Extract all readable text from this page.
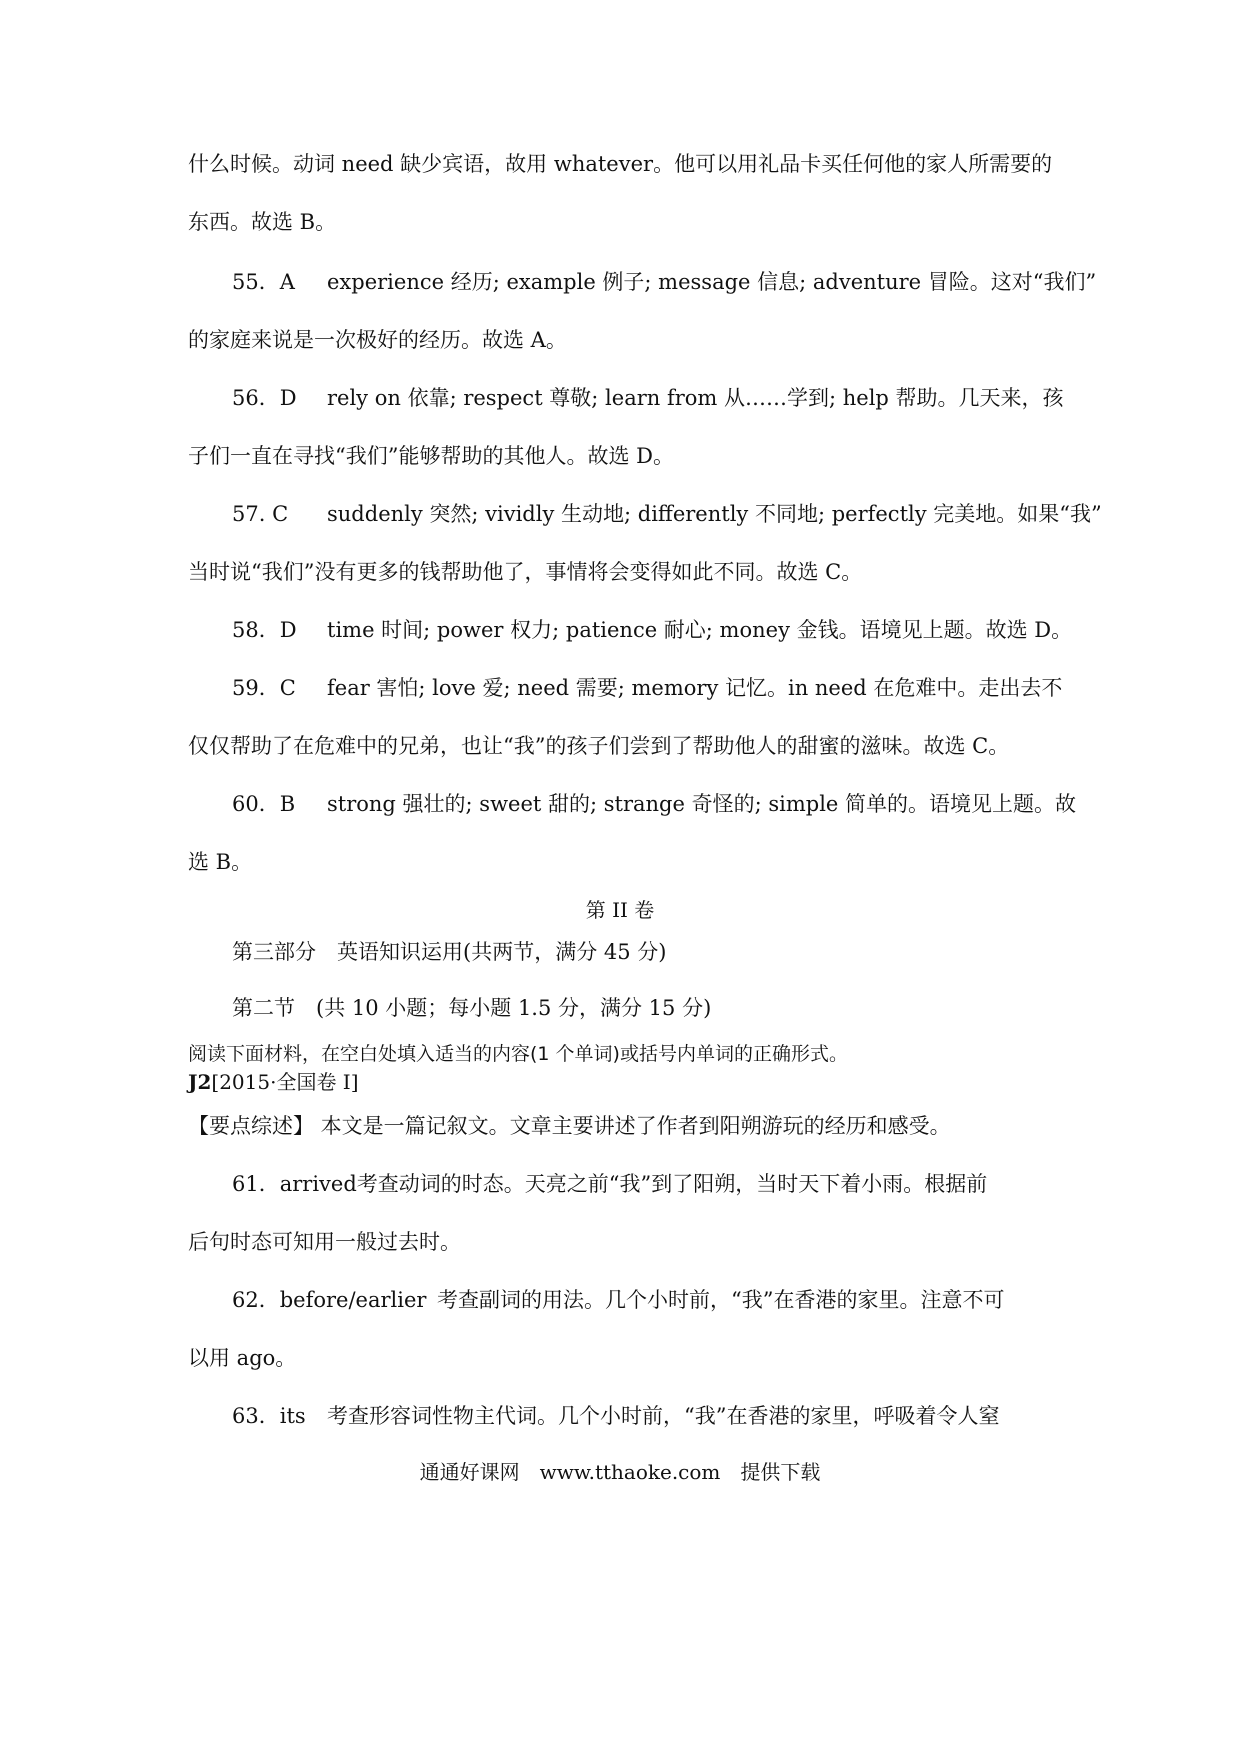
什么时候。动词 need 缺少宾语，故用 whatever。他可以用礼品卡买任何他的家人所需要的
东西。故选 B。
55．A experience 经历; example 例子; message 信息; adventure 冒险。这对“我们”
的家庭来说是一次极好的经历。故选 A。
56．D rely on 依靠; respect 尊敬; learn from 从……学到; help 帮助。几天来，孩
子们一直在寻找“我们”能够帮助的其他人。故选 D。
57. C suddenly 突然; vividly 生动地; differently 不同地; perfectly 完美地。如果“我”
当时说“我们”没有更多的钱帮助他了，事情将会变得如此不同。故选 C。
58．D time 时间; power 权力; patience 耐心; money 金钱。语境见上题。故选 D。
59．C fear 害怕; love 爱; need 需要; memory 记忆。in need 在危难中。走出去不
仅仅帮助了在危难中的兄弟，也让“我”的孩子们尝到了帮助他人的甜蜜的滋味。故选 C。
60．B strong 强壮的; sweet 甜的; strange 奇怪的; simple 简单的。语境见上题。故
选 B。
第 II 卷
第三部分　英语知识运用(共两节，满分 45 分)
第二节　(共 10 小题；每小题 1.5 分，满分 15 分)
阅读下面材料，在空白处填入适当的内容(1 个单词)或括号内单词的正确形式。
J2[2015·全国卷 I]
【要点综述】 本文是一篇记叙文。文章主要讲述了作者到阳朔游玩的经历和感受。
61．arrived考查动词的时态。天亮之前“我”到了阳朔，当时天下着小雨。根据前
后句时态可知用一般过去时。
62．before/earlier 考查副词的用法。几个小时前，“我”在香港的家里。注意不可
以用 ago。
63．its 考查形容词性物主代词。几个小时前，“我”在香港的家里，呼吸着令人窒
通通好课网　www.tthaoke.com　提供下载
